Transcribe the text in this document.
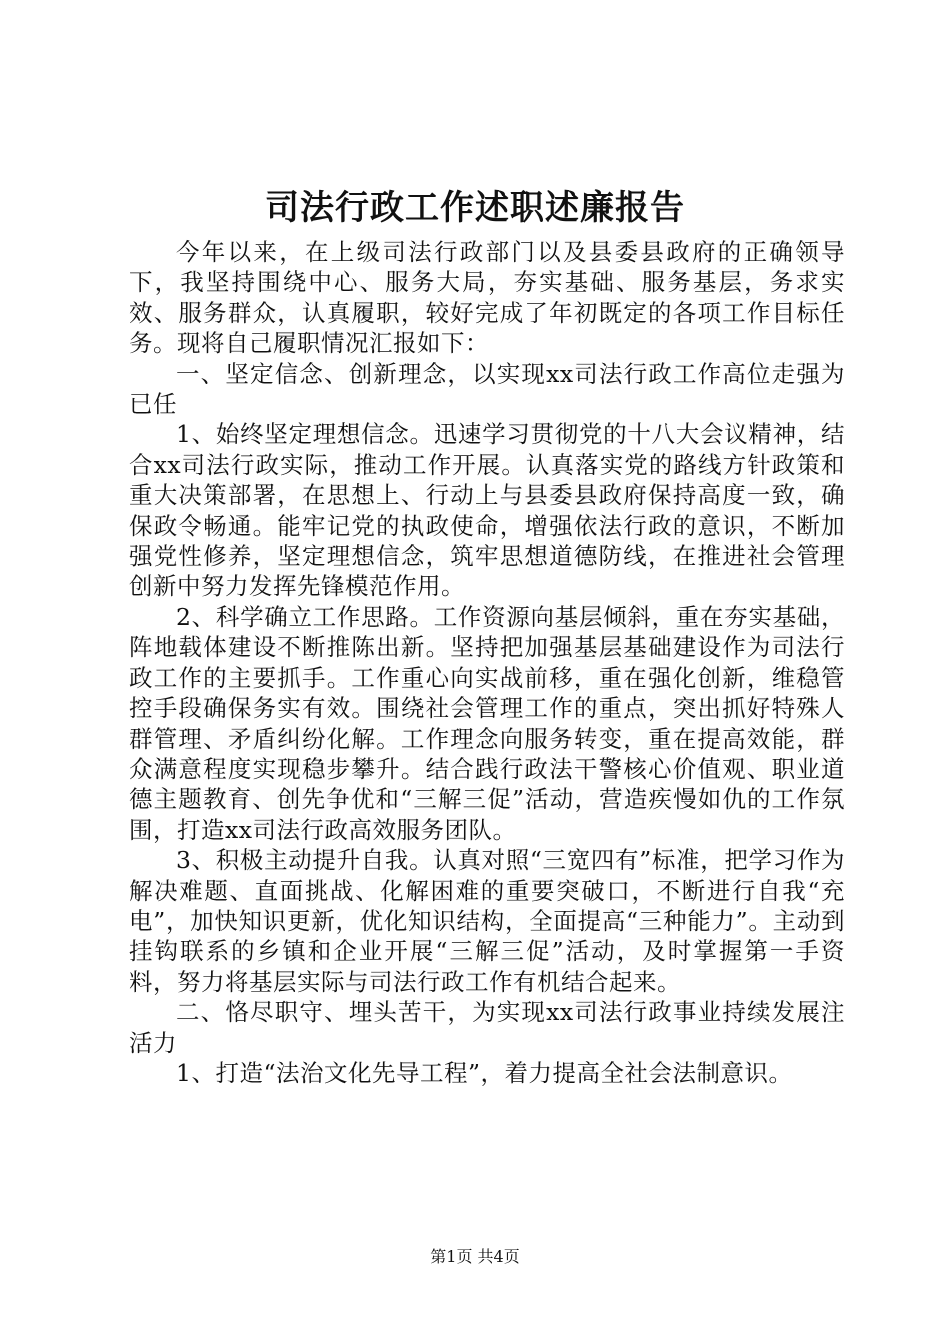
司法行政工作述职述廉报告

今年以来，在上级司法行政部门以及县委县政府的正确领导下，我坚持围绕中心、服务大局，夯实基础、服务基层，务求实效、服务群众，认真履职，较好完成了年初既定的各项工作目标任务。现将自己履职情况汇报如下：

一、坚定信念、创新理念，以实现xx司法行政工作高位走强为已任

1、始终坚定理想信念。迅速学习贯彻党的十八大会议精神，结合xx司法行政实际，推动工作开展。认真落实党的路线方针政策和重大决策部署，在思想上、行动上与县委县政府保持高度一致，确保政令畅通。能牢记党的执政使命，增强依法行政的意识，不断加强党性修养，坚定理想信念，筑牢思想道德防线，在推进社会管理创新中努力发挥先锋模范作用。

2、科学确立工作思路。工作资源向基层倾斜，重在夯实基础，阵地载体建设不断推陈出新。坚持把加强基层基础建设作为司法行政工作的主要抓手。工作重心向实战前移，重在强化创新，维稳管控手段确保务实有效。围绕社会管理工作的重点，突出抓好特殊人群管理、矛盾纠纷化解。工作理念向服务转变，重在提高效能，群众满意程度实现稳步攀升。结合践行政法干警核心价值观、职业道德主题教育、创先争优和“三解三促”活动，营造疾慢如仇的工作氛围，打造xx司法行政高效服务团队。

3、积极主动提升自我。认真对照“三宽四有”标准，把学习作为解决难题、直面挑战、化解困难的重要突破口，不断进行自我“充电”，加快知识更新，优化知识结构，全面提高“三种能力”。主动到挂钩联系的乡镇和企业开展“三解三促”活动，及时掌握第一手资料，努力将基层实际与司法行政工作有机结合起来。

二、恪尽职守、埋头苦干，为实现xx司法行政事业持续发展注活力

1、打造“法治文化先导工程”，着力提高全社会法制意识。

第1页 共4页
